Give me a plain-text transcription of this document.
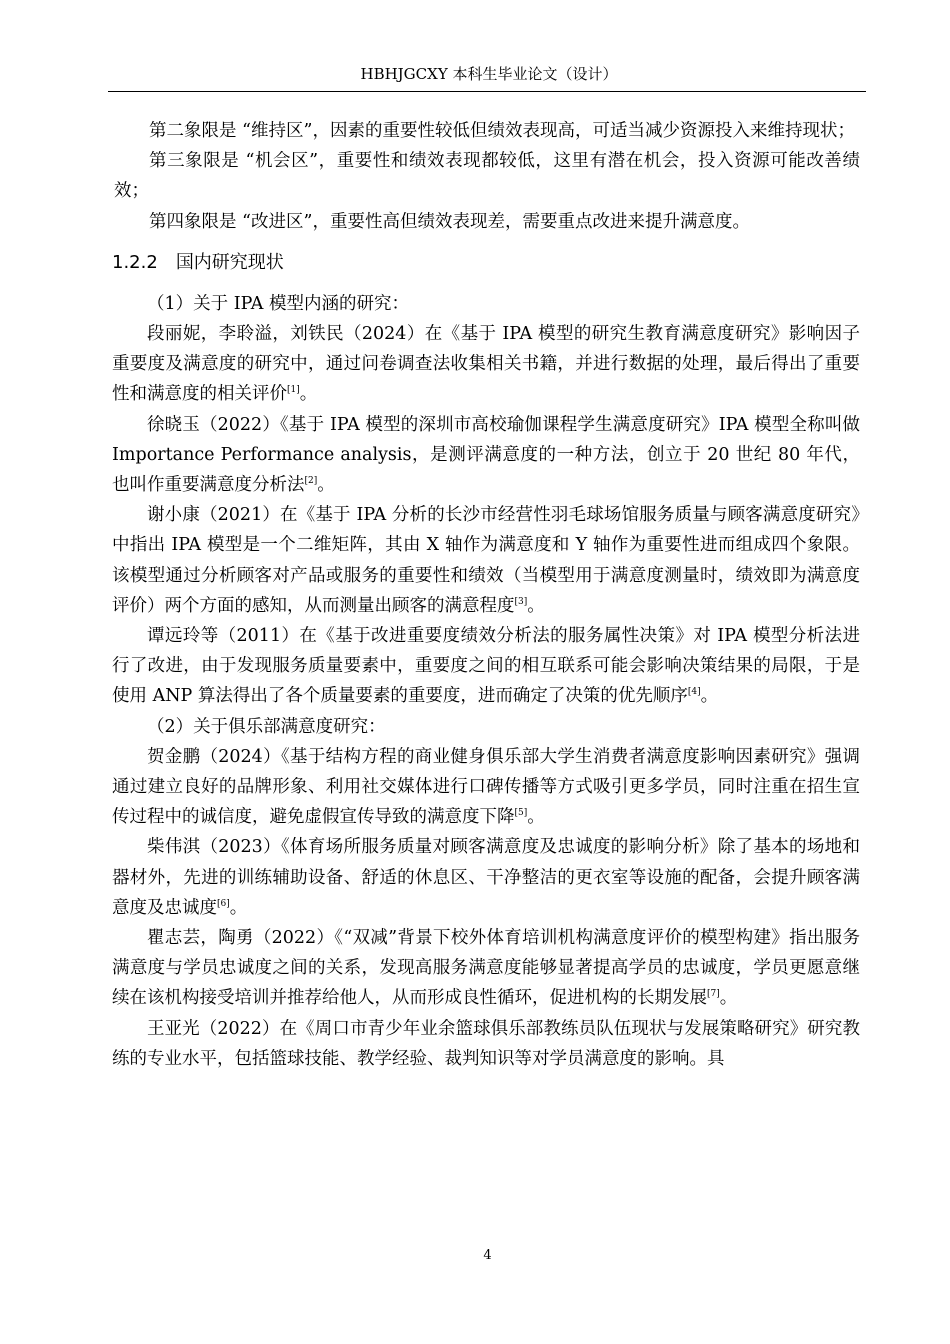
HBHJGCXY 本科生毕业论文（设计）

第二象限是 “维持区”，因素的重要性较低但绩效表现高，可适当减少资源投入来维持现状；

第三象限是 “机会区”，重要性和绩效表现都较低，这里有潜在机会，投入资源可能改善绩效；

第四象限是 “改进区”，重要性高但绩效表现差，需要重点改进来提升满意度。

1.2.2 国内研究现状

（1）关于 IPA 模型内涵的研究：

段丽妮，李聆溢，刘铁民（2024）在《基于 IPA 模型的研究生教育满意度研究》影响因子重要度及满意度的研究中，通过问卷调查法收集相关书籍，并进行数据的处理，最后得出了重要性和满意度的相关评价[1]。

徐晓玉（2022）《基于 IPA 模型的深圳市高校瑜伽课程学生满意度研究》IPA 模型全称叫做 Importance Performance analysis，是测评满意度的一种方法，创立于 20 世纪 80 年代，也叫作重要满意度分析法[2]。

谢小康（2021）在《基于 IPA 分析的长沙市经营性羽毛球场馆服务质量与顾客满意度研究》中指出 IPA 模型是一个二维矩阵，其由 X 轴作为满意度和 Y 轴作为重要性进而组成四个象限。该模型通过分析顾客对产品或服务的重要性和绩效（当模型用于满意度测量时，绩效即为满意度评价）两个方面的感知，从而测量出顾客的满意程度[3]。

谭远玲等（2011）在《基于改进重要度绩效分析法的服务属性决策》对 IPA 模型分析法进行了改进，由于发现服务质量要素中，重要度之间的相互联系可能会影响决策结果的局限，于是使用 ANP 算法得出了各个质量要素的重要度，进而确定了决策的优先顺序[4]。

（2）关于俱乐部满意度研究：

贺金鹏（2024）《基于结构方程的商业健身俱乐部大学生消费者满意度影响因素研究》强调通过建立良好的品牌形象、利用社交媒体进行口碑传播等方式吸引更多学员，同时注重在招生宣传过程中的诚信度，避免虚假宣传导致的满意度下降[5]。

柴伟淇（2023）《体育场所服务质量对顾客满意度及忠诚度的影响分析》除了基本的场地和器材外，先进的训练辅助设备、舒适的休息区、干净整洁的更衣室等设施的配备，会提升顾客满意度及忠诚度[6]。

瞿志芸，陶勇（2022）《“双减”背景下校外体育培训机构满意度评价的模型构建》指出服务满意度与学员忠诚度之间的关系，发现高服务满意度能够显著提高学员的忠诚度，学员更愿意继续在该机构接受培训并推荐给他人，从而形成良性循环，促进机构的长期发展[7]。

王亚光（2022）在《周口市青少年业余篮球俱乐部教练员队伍现状与发展策略研究》研究教练的专业水平，包括篮球技能、教学经验、裁判知识等对学员满意度的影响。具

4
